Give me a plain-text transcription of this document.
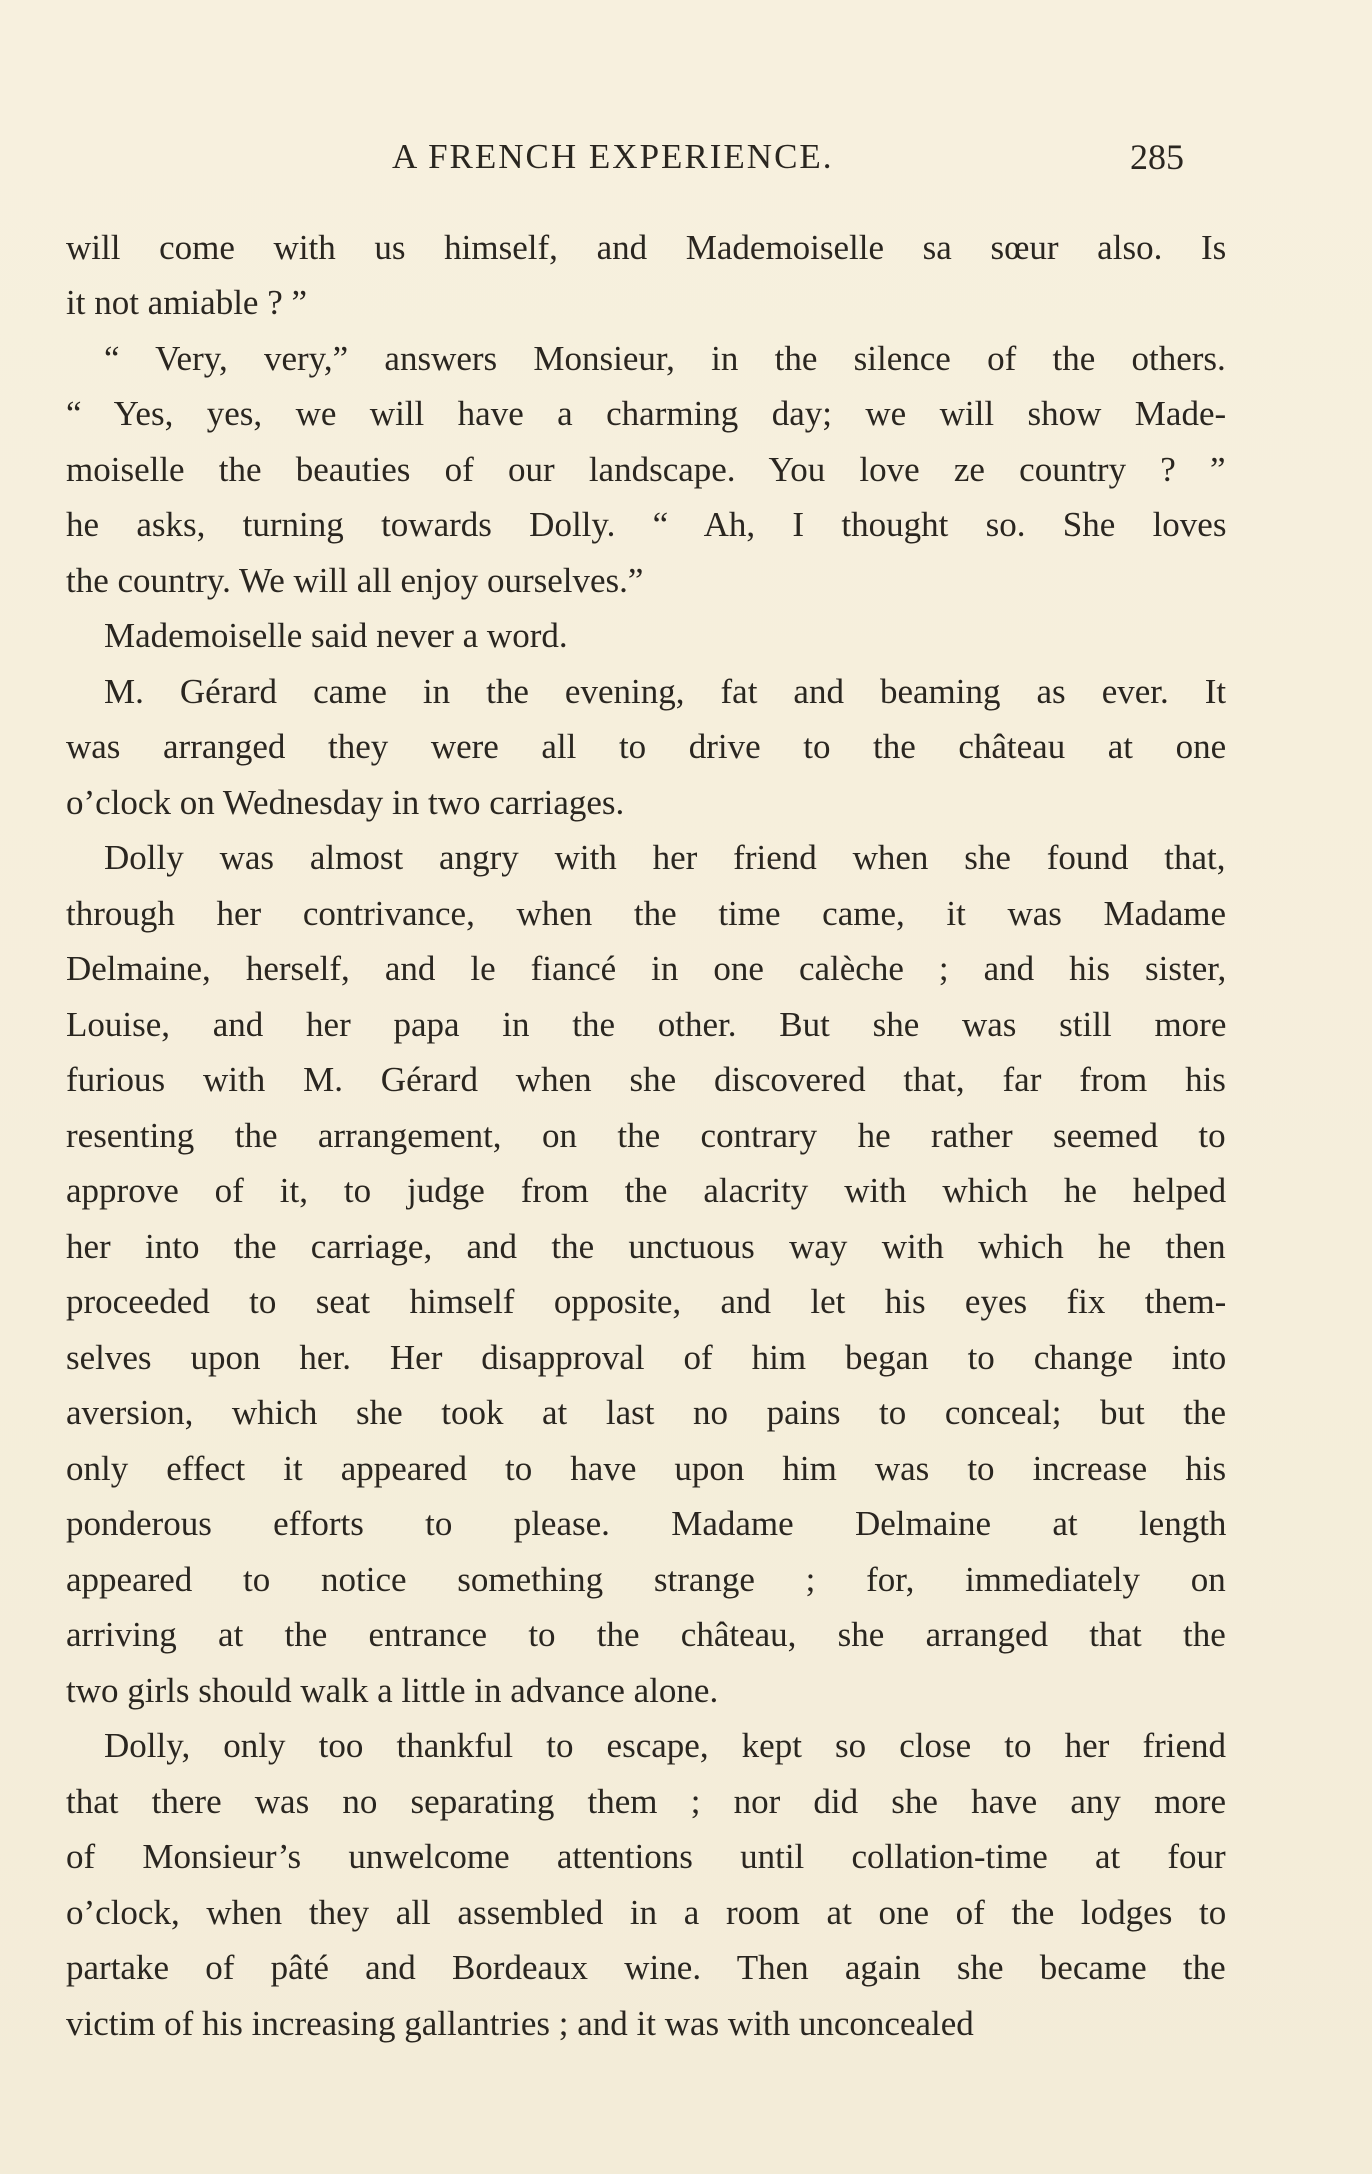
A FRENCH EXPERIENCE.	285
will come with us himself, and Mademoiselle sa sœur also. Is
it not amiable ? ”
“ Very, very,” answers Monsieur, in the silence of the others.
“ Yes, yes, we will have a charming day; we will show Made-
moiselle the beauties of our landscape. You love ze country ? ”
he asks, turning towards Dolly. “ Ah, I thought so. She loves
the country. We will all enjoy ourselves.”
Mademoiselle said never a word.
M. Gérard came in the evening, fat and beaming as ever. It
was arranged they were all to drive to the château at one
o’clock on Wednesday in two carriages.
Dolly was almost angry with her friend when she found that,
through her contrivance, when the time came, it was Madame
Delmaine, herself, and le fiancé in one calèche ; and his sister,
Louise, and her papa in the other. But she was still more
furious with M. Gérard when she discovered that, far from his
resenting the arrangement, on the contrary he rather seemed to
approve of it, to judge from the alacrity with which he helped
her into the carriage, and the unctuous way with which he then
proceeded to seat himself opposite, and let his eyes fix them-
selves upon her. Her disapproval of him began to change into
aversion, which she took at last no pains to conceal; but the
only effect it appeared to have upon him was to increase his
ponderous efforts to please. Madame Delmaine at length
appeared to notice something strange ; for, immediately on
arriving at the entrance to the château, she arranged that the
two girls should walk a little in advance alone.
Dolly, only too thankful to escape, kept so close to her friend
that there was no separating them ; nor did she have any more
of Monsieur’s unwelcome attentions until collation-time at four
o’clock, when they all assembled in a room at one of the lodges to
partake of pâté and Bordeaux wine. Then again she became the
victim of his increasing gallantries ; and it was with unconcealed
